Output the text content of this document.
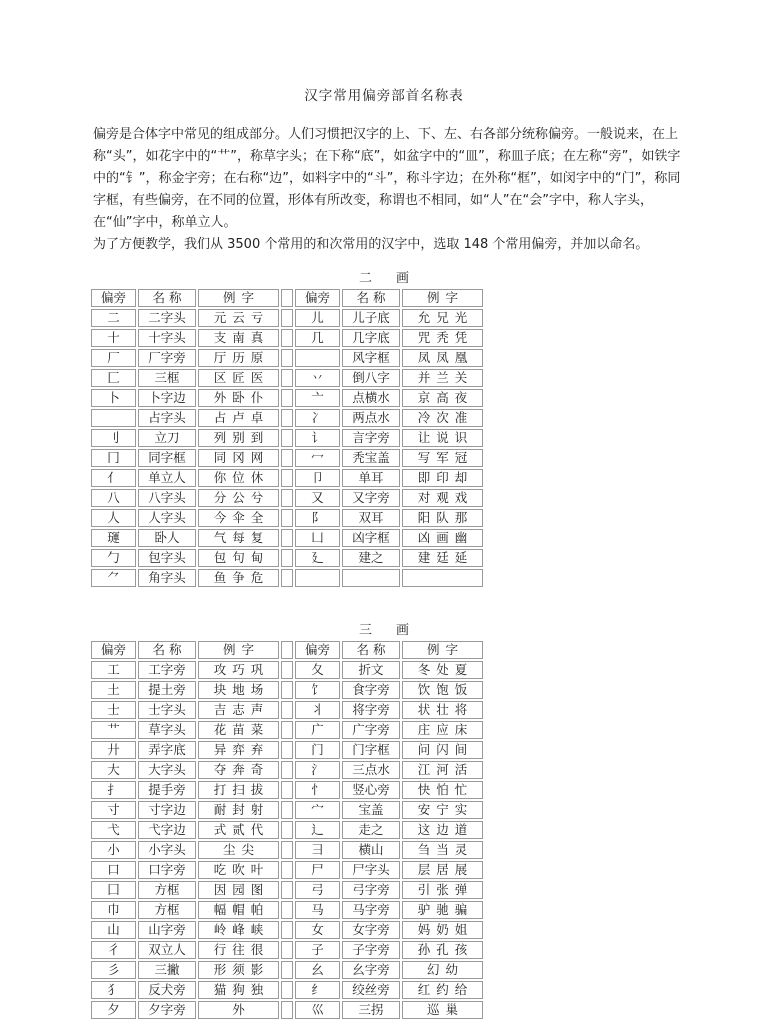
汉字常用偏旁部首名称表

偏旁是合体字中常见的组成部分。人们习惯把汉字的上、下、左、右各部分统称偏旁。一般说来，在上称“头”，如花字中的“艹”，称草字头；在下称“底”，如盆字中的“皿”，称皿子底；在左称“旁”，如铁字中的“钅”，称金字旁；在右称“边”，如料字中的“斗”，称斗字边；在外称“框”，如闵字中的“门”，称同字框，有些偏旁，在不同的位置，形体有所改变，称谓也不相同，如“人”在“会”字中，称人字头，在“仙”字中，称单立人。

为了方便教学，我们从 3500 个常用的和次常用的汉字中，选取 148 个常用偏旁，并加以命名。

二 画
偏旁	名 称	例 字		偏旁	名 称	例 字
二	二字头	元 云 亏		儿	儿子底	允 兄 光
十	十字头	支 南 真		几	几字底	咒 秃 凭
厂	厂字旁	厅 历 原			风字框	凤 凤 凰
匚	三框	区 匠 医		丷	倒八字	并 兰 关
卜	卜字边	外 卧 仆		亠	点横水	京 高 夜
	占字头	占 卢 卓		冫	两点水	冷 次 准
刂	立刀	列 别 到		讠	言字旁	让 说 识
冂	同字框	同 冈 网		冖	秃宝盖	写 军 冠
亻	单立人	你 位 休		卩	单耳	即 印 却
八	八字头	分 公 兮		又	又字旁	对 观 戏
人	人字头	今 伞 全		阝	双耳	阳 队 那
璭	卧人	气 每 复		凵	凶字框	凶 画 幽
勹	包字头	包 句 甸		廴	建之	建 廷 延
⺈	角字头	鱼 争 危				
三 画
偏旁	名 称	例 字		偏旁	名 称	例 字
工	工字旁	攻 巧 巩		夂	折文	冬 处 夏
土	提土旁	块 地 场		饣	食字旁	饮 饱 饭
士	士字头	吉 志 声		丬	将字旁	状 壮 将
艹	草字头	花 苗 菜		广	广字旁	庄 应 床
廾	弄字底	异 弈 弃		门	门字框	问 闪 间
大	大字头	夺 奔 奇		氵	三点水	江 河 活
扌	提手旁	打 扫 拔		忄	竖心旁	快 怕 忙
寸	寸字边	耐 封 射		宀	宝盖	安 宁 实
弋	弋字边	式 贰 代		辶	走之	这 边 道
小	小字头	尘 尖		彐	横山	刍 当 灵
口	口字旁	吃 吹 叶		尸	尸字头	层 居 展
囗	方框	因 园 图		弓	弓字旁	引 张 弹
巾	方框	幅 帽 帕		马	马字旁	驴 驰 骗
山	山字旁	岭 峰 峡		女	女字旁	妈 奶 姐
彳	双立人	行 往 很		子	子字旁	孙 孔 孩
彡	三撇	形 须 影		幺	幺字旁	幻 幼
犭	反犬旁	猫 狗 独		纟	绞丝旁	红 约 给
夕	夕字旁	外		巛	三拐	巡 巢
